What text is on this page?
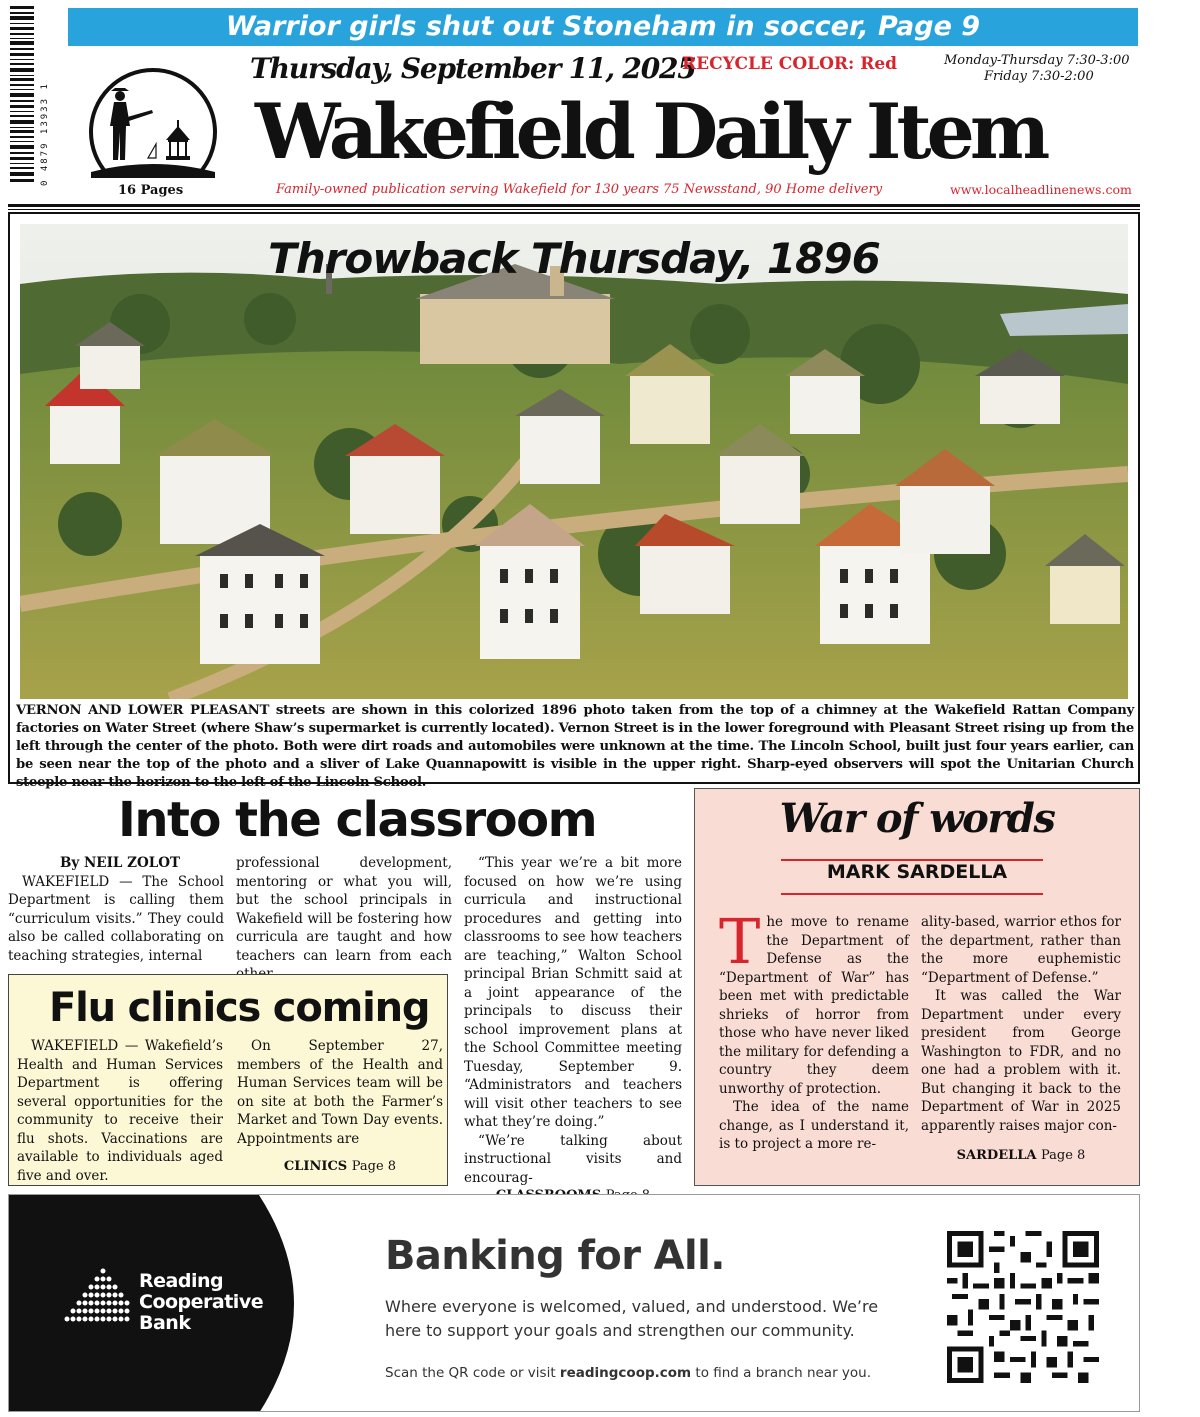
Warrior girls shut out Stoneham in soccer, Page 9
0 4879 13933 1
16 Pages
Thursday, September 11, 2025
RECYCLE COLOR: Red	Monday-Thursday 7:30-3:00
Friday 7:30-2:00
Wakefield Daily Item
Family-owned publication serving Wakefield for 130 years 75 Newsstand, 90 Home delivery	www.localheadlinenews.com
Throwback Thursday, 1896
VERNON AND LOWER PLEASANT streets are shown in this colorized 1896 photo taken from the top of a chimney at the Wakefield Rattan Company factories on Water Street (where Shaw’s supermarket is currently located). Vernon Street is in the lower foreground with Pleasant Street rising up from the left through the center of the photo. Both were dirt roads and automobiles were unknown at the time. The Lincoln School, built just four years earlier, can be seen near the top of the photo and a sliver of Lake Quannapowitt is visible in the upper right. Sharp-eyed observers will spot the Unitarian Church steeple near the horizon to the left of the Lincoln School.
Into the classroom
By NEIL ZOLOT
WAKEFIELD — The School Department is calling them “curriculum visits.” They could also be called collaborating on teaching strategies, internal
professional development, mentoring or what you will, but the school principals in Wakefield will be fostering how curricula are taught and how teachers can learn from each
“This year we’re a bit more focused on how we’re using curricula and instructional procedures and getting into classrooms to see how teachers are teaching,” Walton School principal Brian Schmitt said at a joint appearance of the principals to discuss their school improvement plans at the School Committee meeting Tuesday, September 9. “Administrators and teachers will visit other teachers to see what they’re doing.”
“We’re talking about instructional visits and encourag-
Flu clinics coming
WAKEFIELD — Wakefield’s Health and Human Services Department is offering several opportunities for the community to receive their flu shots. Vaccinations are available to individuals aged five and over.
On September 27, members of the Health and Human Services team will be on site at both the Farmer’s Market and Town Day events. Appointments are
CLINICS Page 8
War of words
MARK SARDELLA
The move to rename the Department of Defense as the “Department of War” has been met with predictable shrieks of horror from those who have never liked the military for defending a country they deem unworthy of protection.
The idea of the name change, as I understand it, is to project a more re-
ality-based, warrior ethos for the department, rather than the more euphemistic “Department of Defense.”
It was called the War Department under every president from George Washington to FDR, and no one had a problem with it. But changing it back to the Department of War in 2025 apparently raises major con-
SARDELLA Page 8
Reading
Cooperative
Bank
Banking for All.
Where everyone is welcomed, valued, and understood. We’re here to support your goals and strengthen our community.
Scan the QR code or visit readingcoop.com to find a branch near you.
